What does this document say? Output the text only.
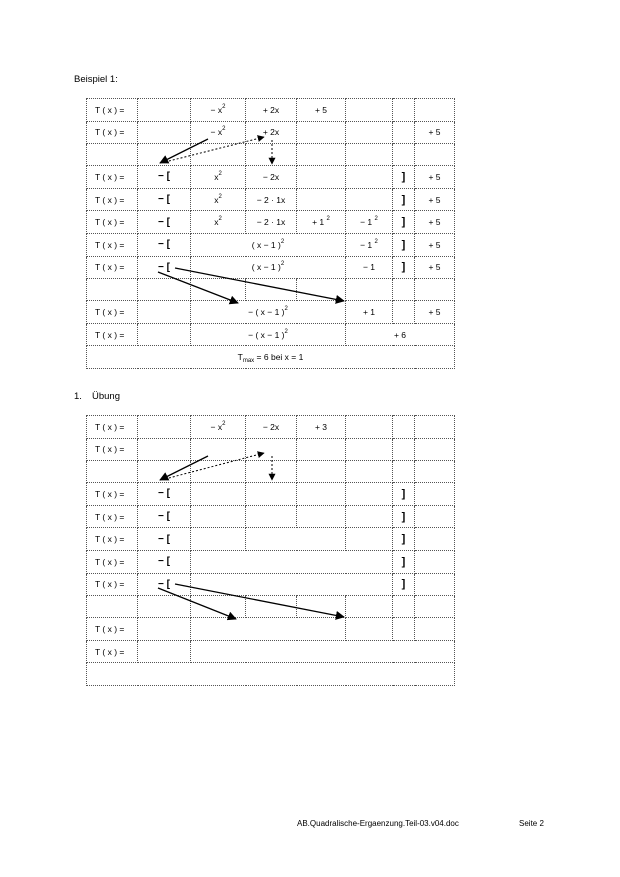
Beispiel 1:
T ( x ) =		− $x^2$	+ 2x	+ 5			
T ( x ) =		− $x^2$	+ 2x				+ 5

T ( x ) =	− [	$x^2$	− 2x			]	+ 5
T ( x ) =	− [	$x^2$	− 2 · 1x			]	+ 5
T ( x ) =	− [	$x^2$	− 2 · 1x	+ 1 $^2$	− 1 $^2$	]	+ 5
T ( x ) =	− [	( x − 1 )$^2$			− 1 $^2$	]	+ 5
T ( x ) =	− [	( x − 1 )$^2$			− 1	]	+ 5

T ( x ) =		− ( x − 1 )$^2$			+ 1		+ 5
T ( x ) =		− ( x − 1 )$^2$			+ 6		
$T_{max} = 6$ bei x = 1							
1. Übung
T ( x ) =		− $x^2$	− 2x	+ 3			
T ( x ) =							

T ( x ) =	− [					]	
T ( x ) =	− [					]	
T ( x ) =	− [					]	
T ( x ) =	− [					]	
T ( x ) =	− [					]	

T ( x ) =							
T ( x ) =							

AB.Quadralische-Ergaenzung.Teil-03.v04.doc	Seite 2
